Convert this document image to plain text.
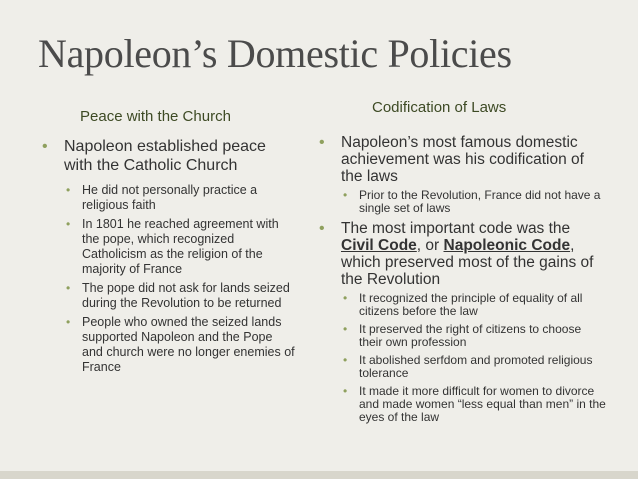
Napoleon’s Domestic Policies
Peace with the Church
Codification of Laws
• Napoleon established peace with the Catholic Church
• He did not personally practice a religious faith
• In 1801 he reached agreement with the pope, which recognized Catholicism as the religion of the majority of France
• The pope did not ask for lands seized during the Revolution to be returned
• People who owned the seized lands supported Napoleon and the Pope and church were no longer enemies of France
• Napoleon’s most famous domestic achievement was his codification of the laws
• Prior to the Revolution, France did not have a single set of laws
• The most important code was the Civil Code, or Napoleonic Code, which preserved most of the gains of the Revolution
• It recognized the principle of equality of all citizens before the law
• It preserved the right of citizens to choose their own profession
• It abolished serfdom and promoted religious tolerance
• It made it more difficult for women to divorce and made women “less equal than men” in the eyes of the law
